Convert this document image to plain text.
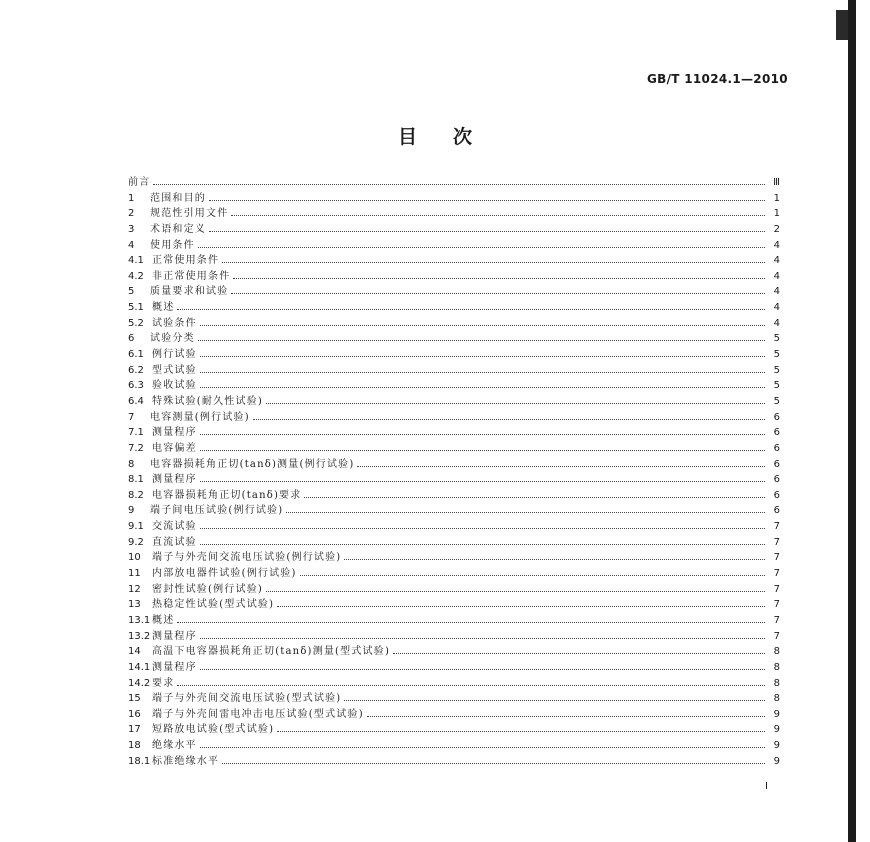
GB/T 11024.1—2010
目次
前言	Ⅲ
1	范围和目的	1
2	规范性引用文件	1
3	术语和定义	2
4	使用条件	4
4.1 正常使用条件	4
4.2 非正常使用条件	4
5	质量要求和试验	4
5.1 概述	4
5.2 试验条件	4
6	试验分类	5
6.1 例行试验	5
6.2 型式试验	5
6.3 验收试验	5
6.4 特殊试验(耐久性试验)	5
7	电容测量(例行试验)	6
7.1 测量程序	6
7.2 电容偏差	6
8	电容器损耗角正切(tanδ)测量(例行试验)	6
8.1 测量程序	6
8.2 电容器损耗角正切(tanδ)要求	6
9	端子间电压试验(例行试验)	6
9.1 交流试验	7
9.2 直流试验	7
10	端子与外壳间交流电压试验(例行试验)	7
11	内部放电器件试验(例行试验)	7
12	密封性试验(例行试验)	7
13	热稳定性试验(型式试验)	7
13.1 概述	7
13.2 测量程序	7
14	高温下电容器损耗角正切(tanδ)测量(型式试验)	8
14.1 测量程序	8
14.2 要求	8
15	端子与外壳间交流电压试验(型式试验)	8
16	端子与外壳间雷电冲击电压试验(型式试验)	9
17	短路放电试验(型式试验)	9
18	绝缘水平	9
18.1 标准绝缘水平	9
I
